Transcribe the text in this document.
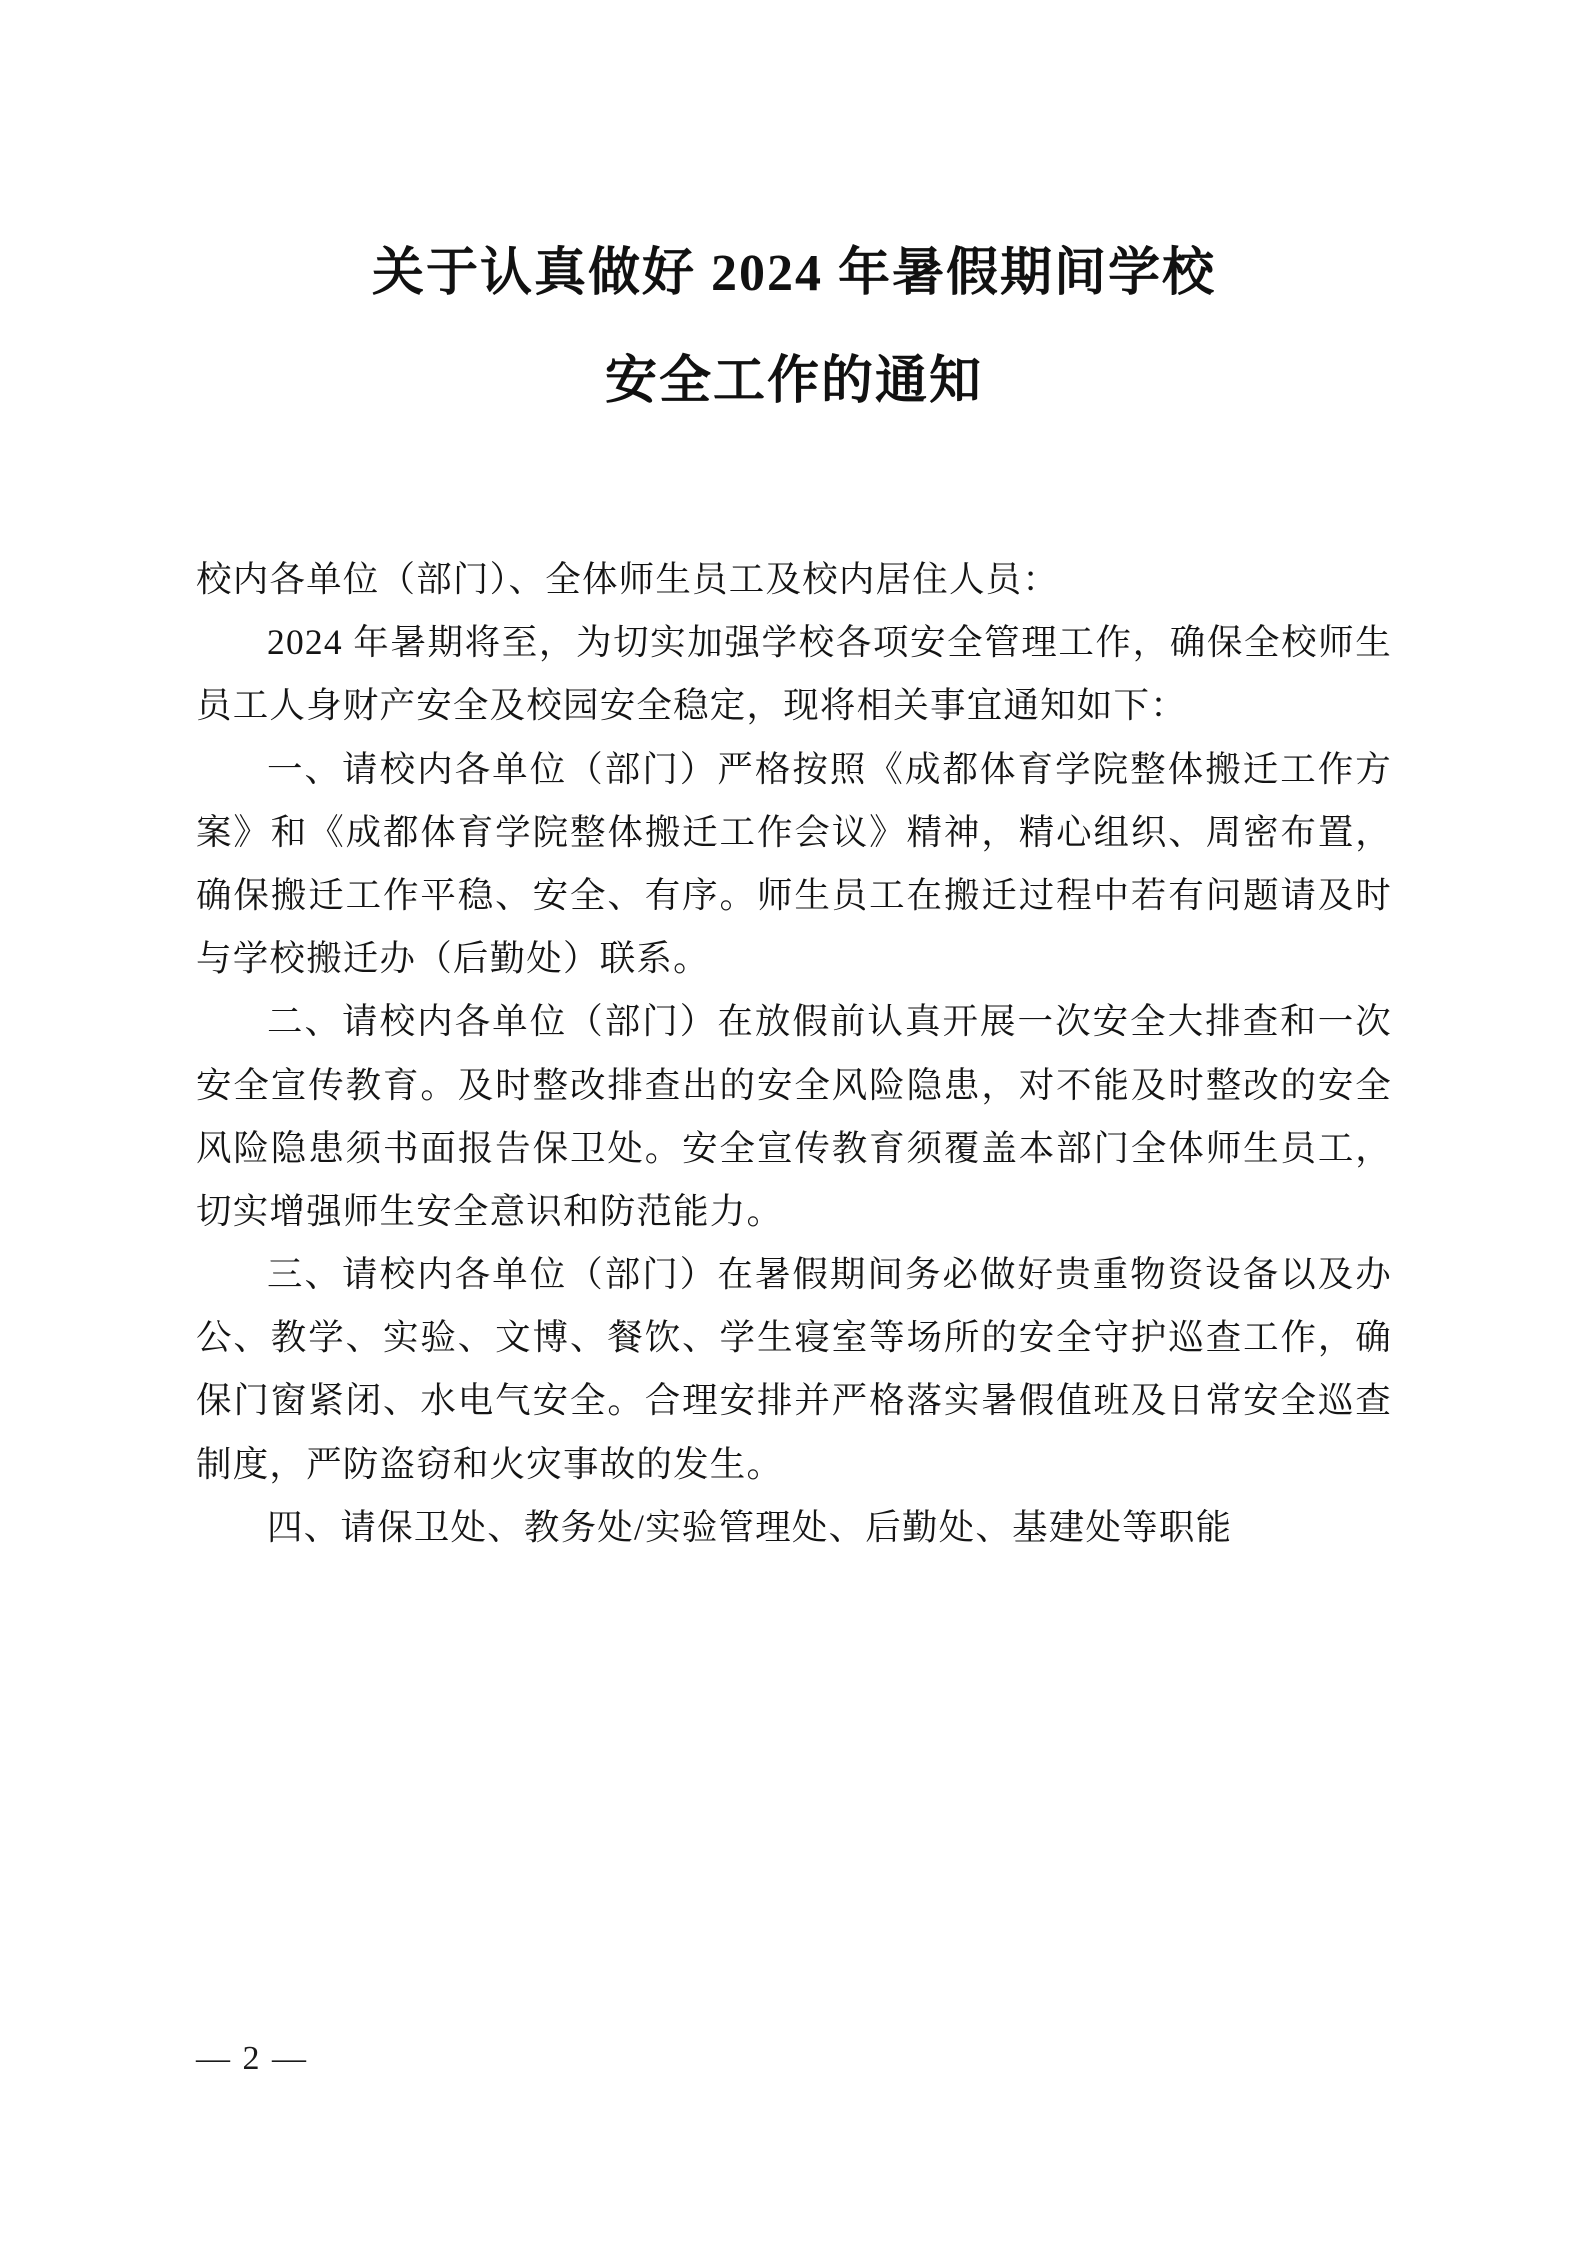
关于认真做好 2024 年暑假期间学校
安全工作的通知

校内各单位（部门）、全体师生员工及校内居住人员：

2024 年暑期将至，为切实加强学校各项安全管理工作，确保全校师生员工人身财产安全及校园安全稳定，现将相关事宜通知如下：

一、请校内各单位（部门）严格按照《成都体育学院整体搬迁工作方案》和《成都体育学院整体搬迁工作会议》精神，精心组织、周密布置，确保搬迁工作平稳、安全、有序。师生员工在搬迁过程中若有问题请及时与学校搬迁办（后勤处）联系。

二、请校内各单位（部门）在放假前认真开展一次安全大排查和一次安全宣传教育。及时整改排查出的安全风险隐患，对不能及时整改的安全风险隐患须书面报告保卫处。安全宣传教育须覆盖本部门全体师生员工，切实增强师生安全意识和防范能力。

三、请校内各单位（部门）在暑假期间务必做好贵重物资设备以及办公、教学、实验、文博、餐饮、学生寝室等场所的安全守护巡查工作，确保门窗紧闭、水电气安全。合理安排并严格落实暑假值班及日常安全巡查制度，严防盗窃和火灾事故的发生。

四、请保卫处、教务处/实验管理处、后勤处、基建处等职能

— 2 —
